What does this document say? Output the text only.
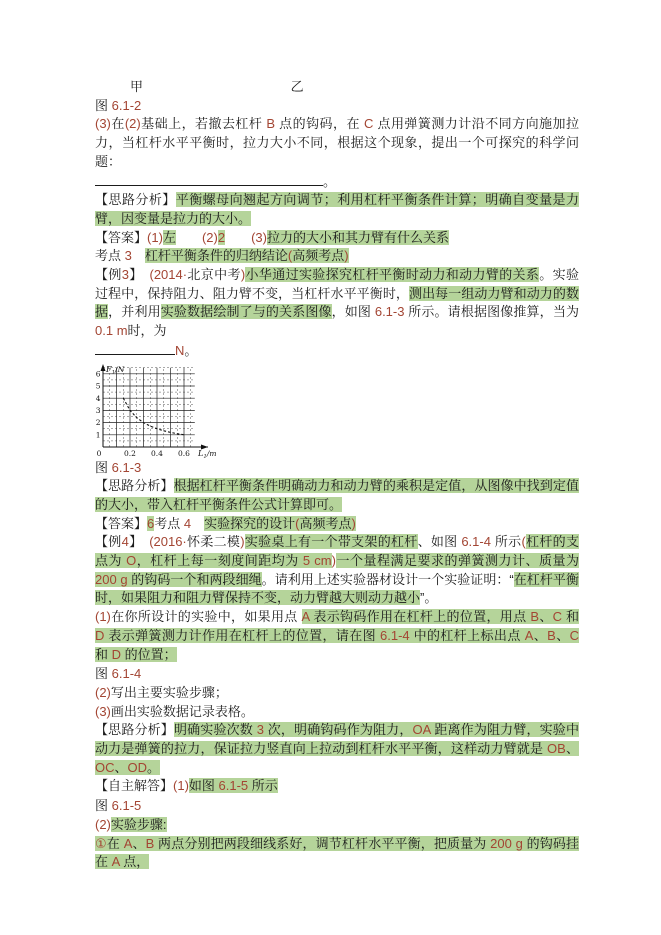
甲	乙
图 6.1-2
(3)在(2)基础上，若撤去杠杆 B 点的钩码，在 C 点用弹簧测力计沿不同方向施加拉力，当杠杆水平平衡时，拉力大小不同，根据这个现象，提出一个可探究的科学问题：
。
【思路分析】平衡螺母向翘起方向调节；利用杠杆平衡条件计算；明确自变量是力臂，因变量是拉力的大小。
【答案】(1)左　　 (2)2　　 (3)拉力的大小和其力臂有什么关系
考点 3　 杠杆平衡条件的归纳结论(高频考点)
【例3】　(2014·北京中考)小华通过实验探究杠杆平衡时动力和动力臂的关系。实验过程中，保持阻力、阻力臂不变，当杠杆水平平衡时，测出每一组动力臂和动力的数据，并利用实验数据绘制了与的关系图像，如图 6.1-3 所示。请根据图像推算，当为 0.1 m时，为
N。
1
2
3
4
5
6
0	0.2 0.4 0.6
$F_1/N$
$L_1/m$
图 6.1-3
【思路分析】根据杠杆平衡条件明确动力和动力臂的乘积是定值，从图像中找到定值的大小，带入杠杆平衡条件公式计算即可。
【答案】6考点 4　 实验探究的设计(高频考点)
【例4】　(2016·怀柔二模)实验桌上有一个带支架的杠杆、如图 6.1-4 所示(杠杆的支点为 O，杠杆上每一刻度间距均为 5 cm)一个量程满足要求的弹簧测力计、质量为 200 g 的钩码一个和两段细绳。请利用上述实验器材设计一个实验证明：“在杠杆平衡时，如果阻力和阻力臂保持不变，动力臂越大则动力越小”。
(1)在你所设计的实验中，如果用点 A 表示钩码作用在杠杆上的位置，用点 B、C 和 D 表示弹簧测力计作用在杠杆上的位置，请在图 6.1-4 中的杠杆上标出点 A、B、C 和 D 的位置；
图 6.1-4
(2)写出主要实验步骤；
(3)画出实验数据记录表格。
【思路分析】明确实验次数 3 次，明确钩码作为阻力，OA 距离作为阻力臂，实验中动力是弹簧的拉力，保证拉力竖直向上拉动到杠杆水平平衡，这样动力臂就是 OB、OC、OD。
【自主解答】(1)如图 6.1-5 所示
图 6.1-5
(2)实验步骤:
①在 A、B 两点分别把两段细线系好，调节杠杆水平平衡，把质量为 200 g 的钩码挂在 A 点，
